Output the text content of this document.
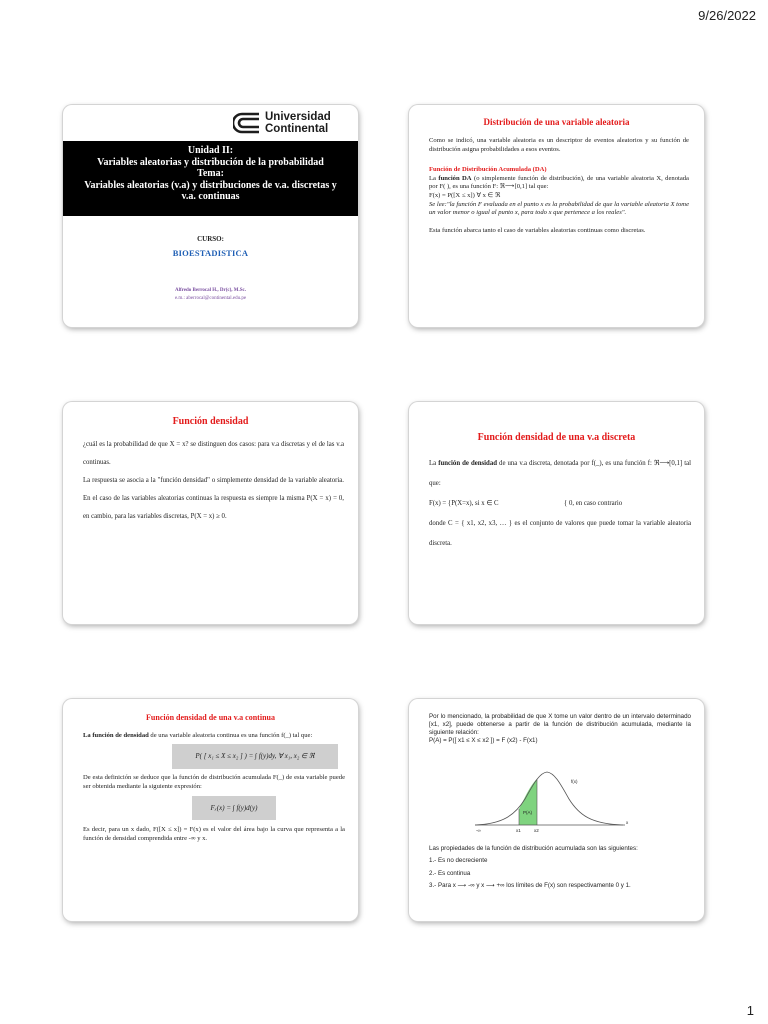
9/26/2022
Universidad
Continental
Unidad II:
Variables aleatorias y distribución de la probabilidad
Tema:
Variables aleatorias (v.a) y distribuciones de v.a. discretas y
v.a. continuas
CURSO:
BIOESTADISTICA
Alfredo Berrocal H., Dr(c), M.Sc.
e.m.: aberrocal@continental.edu.pe
Distribución de una variable aleatoria
Como se indicó, una variable aleatoria es un descriptor de eventos aleatorios y su función de distribución asigna probabilidades a esos eventos.
Función de Distribución Acumulada (DA)
La función DA (o simplemente función de distribución), de una variable aleatoria X, denotada por F( ), es una función F: ℜ⟶[0,1] tal que:
F(x) = P([X ≤ x]) ∀ x ∈ ℜ
Se lee:"la función F evaluada en el punto x es la probabilidad de que la variable aleatoria X tome un valor menor o igual al punto x, para todo x que pertenece a los reales".
Esta función abarca tanto el caso de variables aleatorias continuas como discretas.
Función densidad
¿cuál es la probabilidad de que X = x? se distinguen dos casos: para v.a discretas y el de las v.a continuas.
La respuesta se asocia a la "función densidad" o simplemente densidad de la variable aleatoria. En el caso de las variables aleatorias continuas la respuesta es siempre la misma P(X = x) = 0, en cambio, para las variables discretas, P(X = x) ≥ 0.
Función densidad de una v.a discreta
La función de densidad de una v.a discreta, denotada por f(_), es una función f: ℜ⟶[0,1] tal que:
F(x) = {P(X=x), si x ∈ C	{ 0, en caso contrario
donde C = { x1, x2, x3, … } es el conjunto de valores que puede tomar la variable aleatoria discreta.
Función densidad de una v.a continua
La función de densidad de una variable aleatoria continua es una función f(_) tal que:
P( [ x₁ ≤ X ≤ x₂ ] ) = ∫ f(y)dy, ∀ x₁, x₂ ∈ ℜ
De esta definición se deduce que la función de distribución acumulada F(_) de esta variable puede ser obtenida mediante la siguiente expresión:
Fₓ(x) = ∫ f(y)d(y)
Es decir, para un x dado, F([X ≤ x]) = F(x) es el valor del área bajo la curva que representa a la función de densidad comprendida entre -∞ y x.
Por lo mencionado, la probabilidad de que X tome un valor dentro de un intervalo determinado [x1, x2], puede obtenerse a partir de la función de distribución acumulada, mediante la siguiente relación:
P(A) = P([ x1 ≤ X ≤ x2 ]) = F (x2) - F(x1)
P(A)
f(x)
x1	x2
-∞
x
Las propiedades de la función de distribución acumulada son las siguientes:
1.- Es no decreciente
2.- Es continua
3.- Para x ⟶ -∞ y x ⟶ +∞ los límites de F(x) son respectivamente 0 y 1.
1
